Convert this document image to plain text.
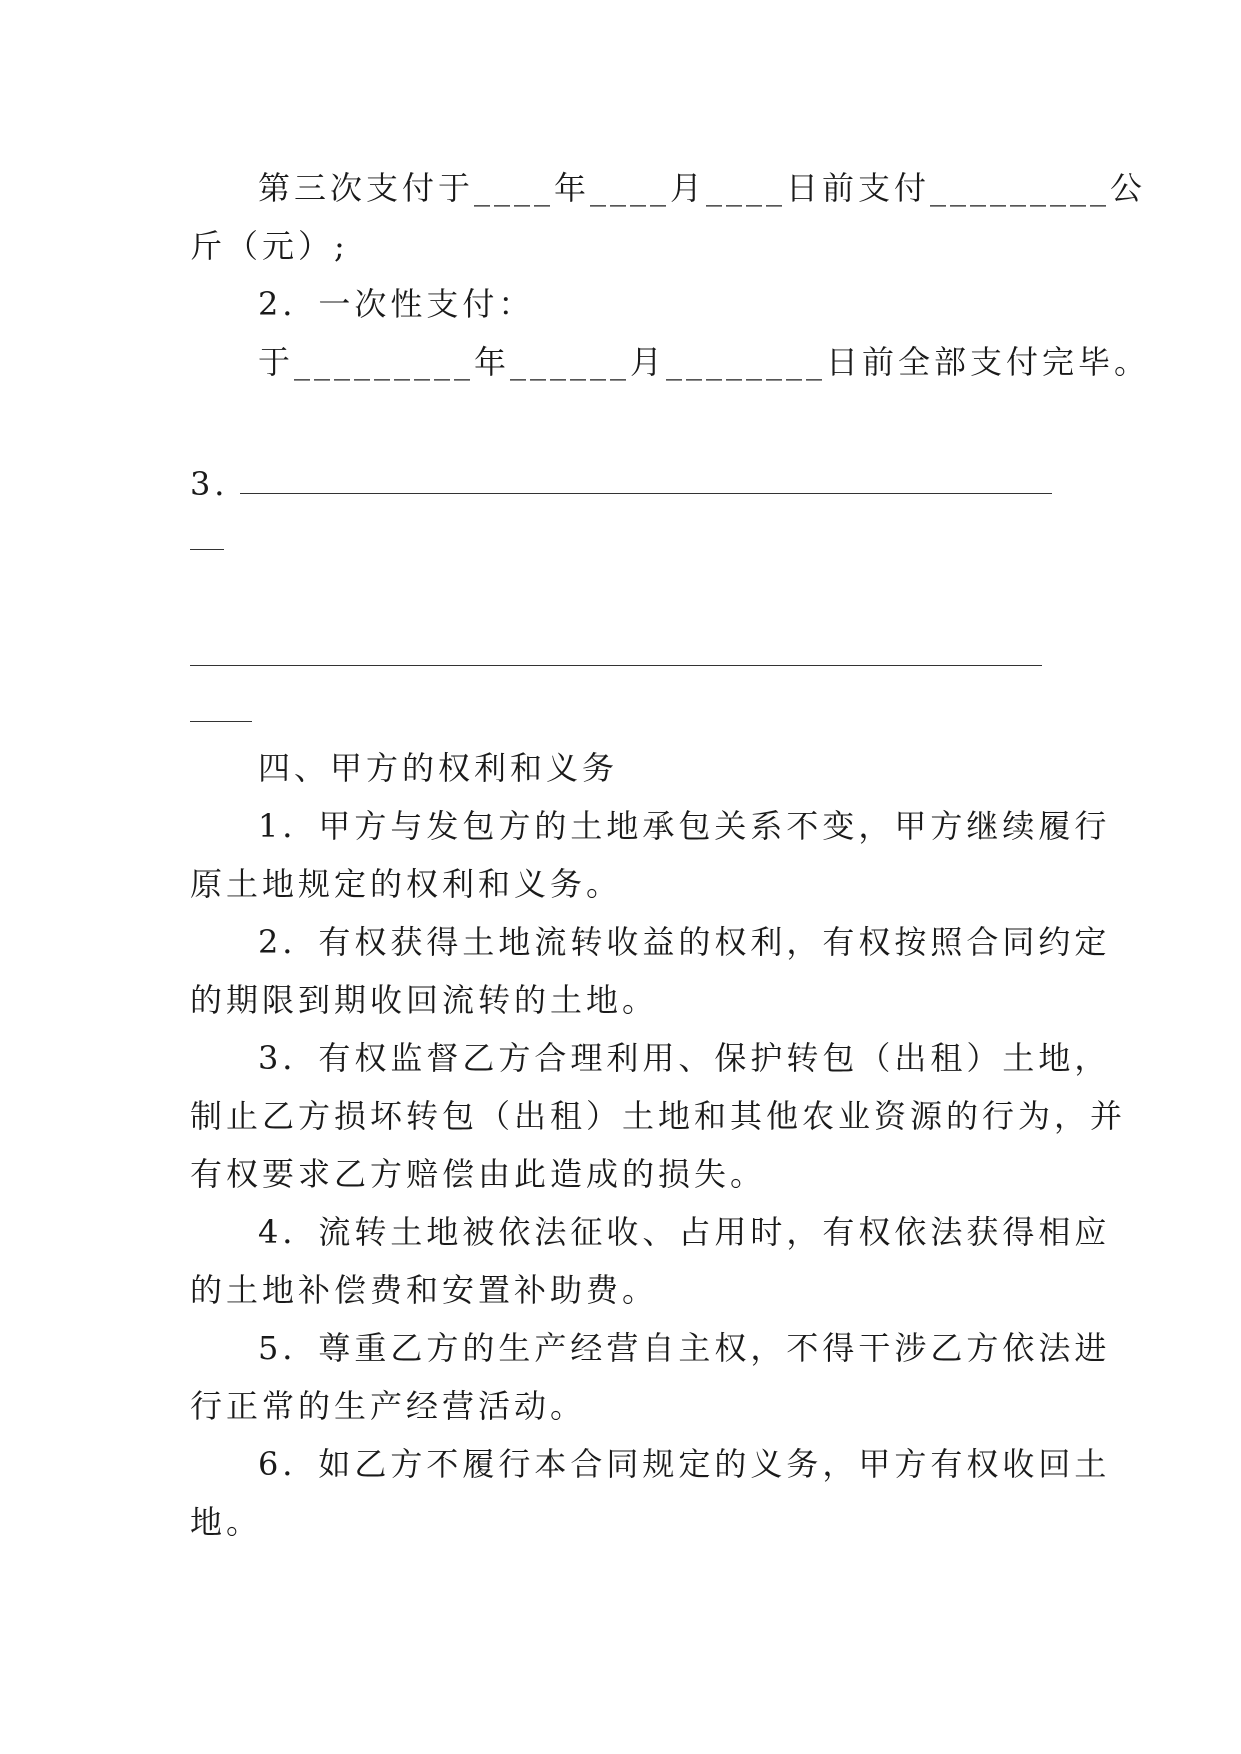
第三次支付于____年____月____日前支付_________公

斤（元）;

2．一次性支付：

于_________年______月________日前全部支付完毕。

3．

四、甲方的权利和义务

1．甲方与发包方的土地承包关系不变，甲方继续履行

原土地规定的权利和义务。

2．有权获得土地流转收益的权利，有权按照合同约定

的期限到期收回流转的土地。

3．有权监督乙方合理利用、保护转包（出租）土地，

制止乙方损坏转包（出租）土地和其他农业资源的行为，并

有权要求乙方赔偿由此造成的损失。

4．流转土地被依法征收、占用时，有权依法获得相应

的土地补偿费和安置补助费。

5．尊重乙方的生产经营自主权，不得干涉乙方依法进

行正常的生产经营活动。

6．如乙方不履行本合同规定的义务，甲方有权收回土

地。
